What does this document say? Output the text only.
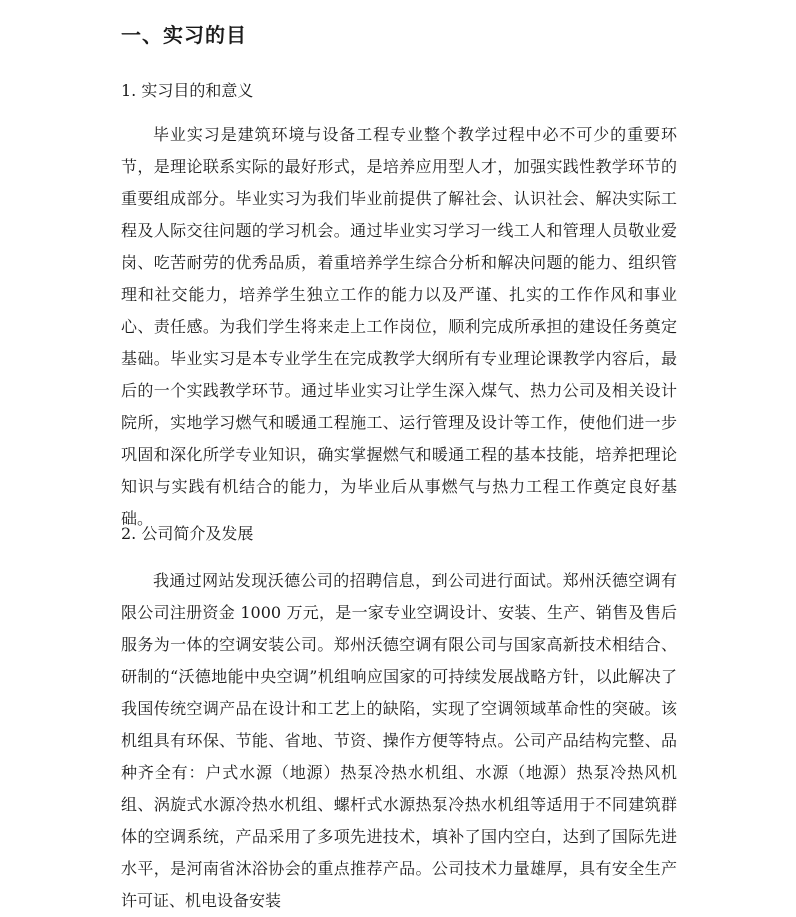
一、实习的目
1. 实习目的和意义

毕业实习是建筑环境与设备工程专业整个教学过程中必不可少的重要环节，是理论联系实际的最好形式，是培养应用型人才，加强实践性教学环节的重要组成部分。毕业实习为我们毕业前提供了解社会、认识社会、解决实际工程及人际交往问题的学习机会。通过毕业实习学习一线工人和管理人员敬业爱岗、吃苦耐劳的优秀品质，着重培养学生综合分析和解决问题的能力、组织管理和社交能力，培养学生独立工作的能力以及严谨、扎实的工作作风和事业心、责任感。为我们学生将来走上工作岗位，顺利完成所承担的建设任务奠定基础。毕业实习是本专业学生在完成教学大纲所有专业理论课教学内容后，最后的一个实践教学环节。通过毕业实习让学生深入煤气、热力公司及相关设计院所，实地学习燃气和暖通工程施工、运行管理及设计等工作，使他们进一步巩固和深化所学专业知识，确实掌握燃气和暖通工程的基本技能，培养把理论知识与实践有机结合的能力，为毕业后从事燃气与热力工程工作奠定良好基础。

2. 公司简介及发展

我通过网站发现沃德公司的招聘信息，到公司进行面试。郑州沃德空调有限公司注册资金 1000 万元，是一家专业空调设计、安装、生产、销售及售后服务为一体的空调安装公司。郑州沃德空调有限公司与国家高新技术相结合、研制的“沃德地能中央空调”机组响应国家的可持续发展战略方针，以此解决了我国传统空调产品在设计和工艺上的缺陷，实现了空调领域革命性的突破。该机组具有环保、节能、省地、节资、操作方便等特点。公司产品结构完整、品种齐全有：户式水源（地源）热泵冷热水机组、水源（地源）热泵冷热风机组、涡旋式水源冷热水机组、螺杆式水源热泵冷热水机组等适用于不同建筑群体的空调系统，产品采用了多项先进技术，填补了国内空白，达到了国际先进水平，是河南省沐浴协会的重点推荐产品。公司技术力量雄厚，具有安全生产许可证、机电设备安装
